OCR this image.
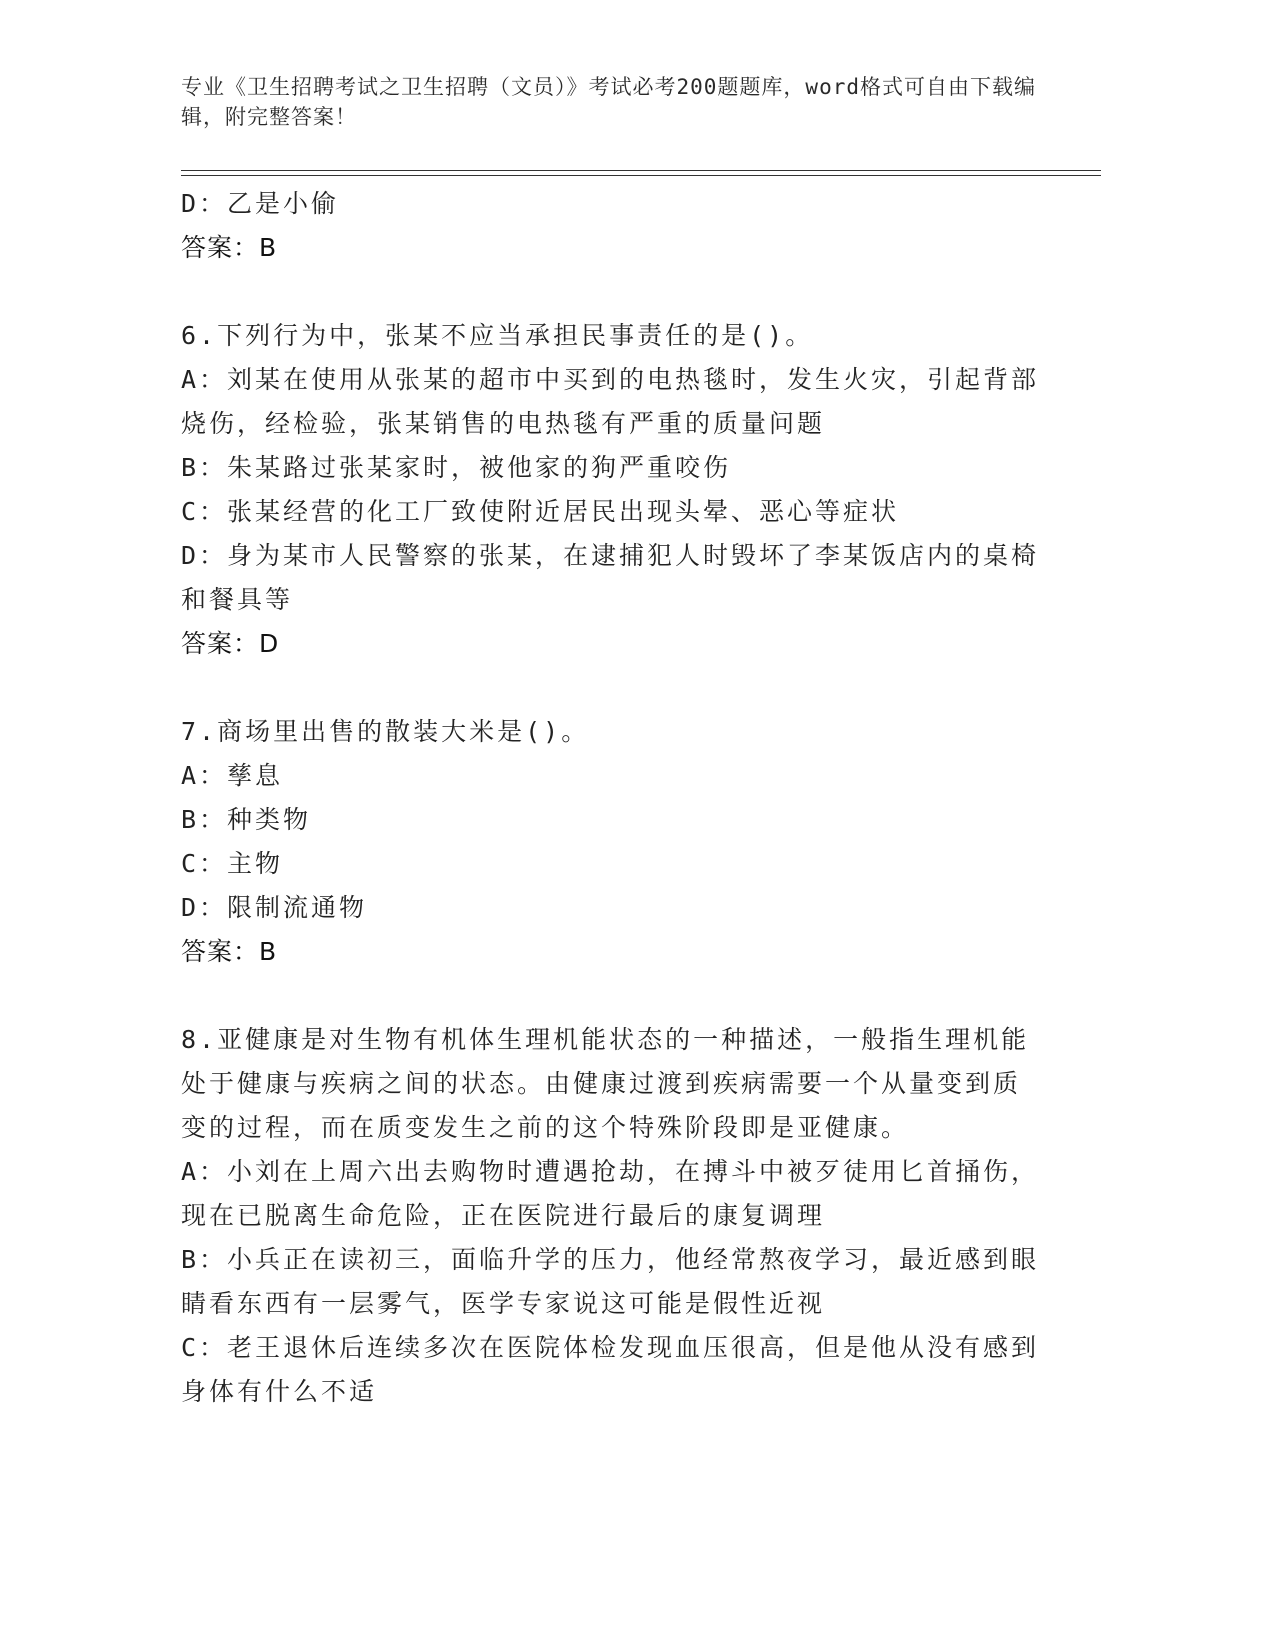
专业《卫生招聘考试之卫生招聘（文员）》考试必考200题题库，word格式可自由下载编辑，附完整答案！
D：乙是小偷
答案：B
6.下列行为中，张某不应当承担民事责任的是()。
A：刘某在使用从张某的超市中买到的电热毯时，发生火灾，引起背部烧伤，经检验，张某销售的电热毯有严重的质量问题
B：朱某路过张某家时，被他家的狗严重咬伤
C：张某经营的化工厂致使附近居民出现头晕、恶心等症状
D：身为某市人民警察的张某，在逮捕犯人时毁坏了李某饭店内的桌椅和餐具等
答案：D
7.商场里出售的散装大米是()。
A：孳息
B：种类物
C：主物
D：限制流通物
答案：B
8.亚健康是对生物有机体生理机能状态的一种描述，一般指生理机能处于健康与疾病之间的状态。由健康过渡到疾病需要一个从量变到质变的过程，而在质变发生之前的这个特殊阶段即是亚健康。
A：小刘在上周六出去购物时遭遇抢劫，在搏斗中被歹徒用匕首捅伤，现在已脱离生命危险，正在医院进行最后的康复调理
B：小兵正在读初三，面临升学的压力，他经常熬夜学习，最近感到眼睛看东西有一层雾气，医学专家说这可能是假性近视
C：老王退休后连续多次在医院体检发现血压很高，但是他从没有感到身体有什么不适
